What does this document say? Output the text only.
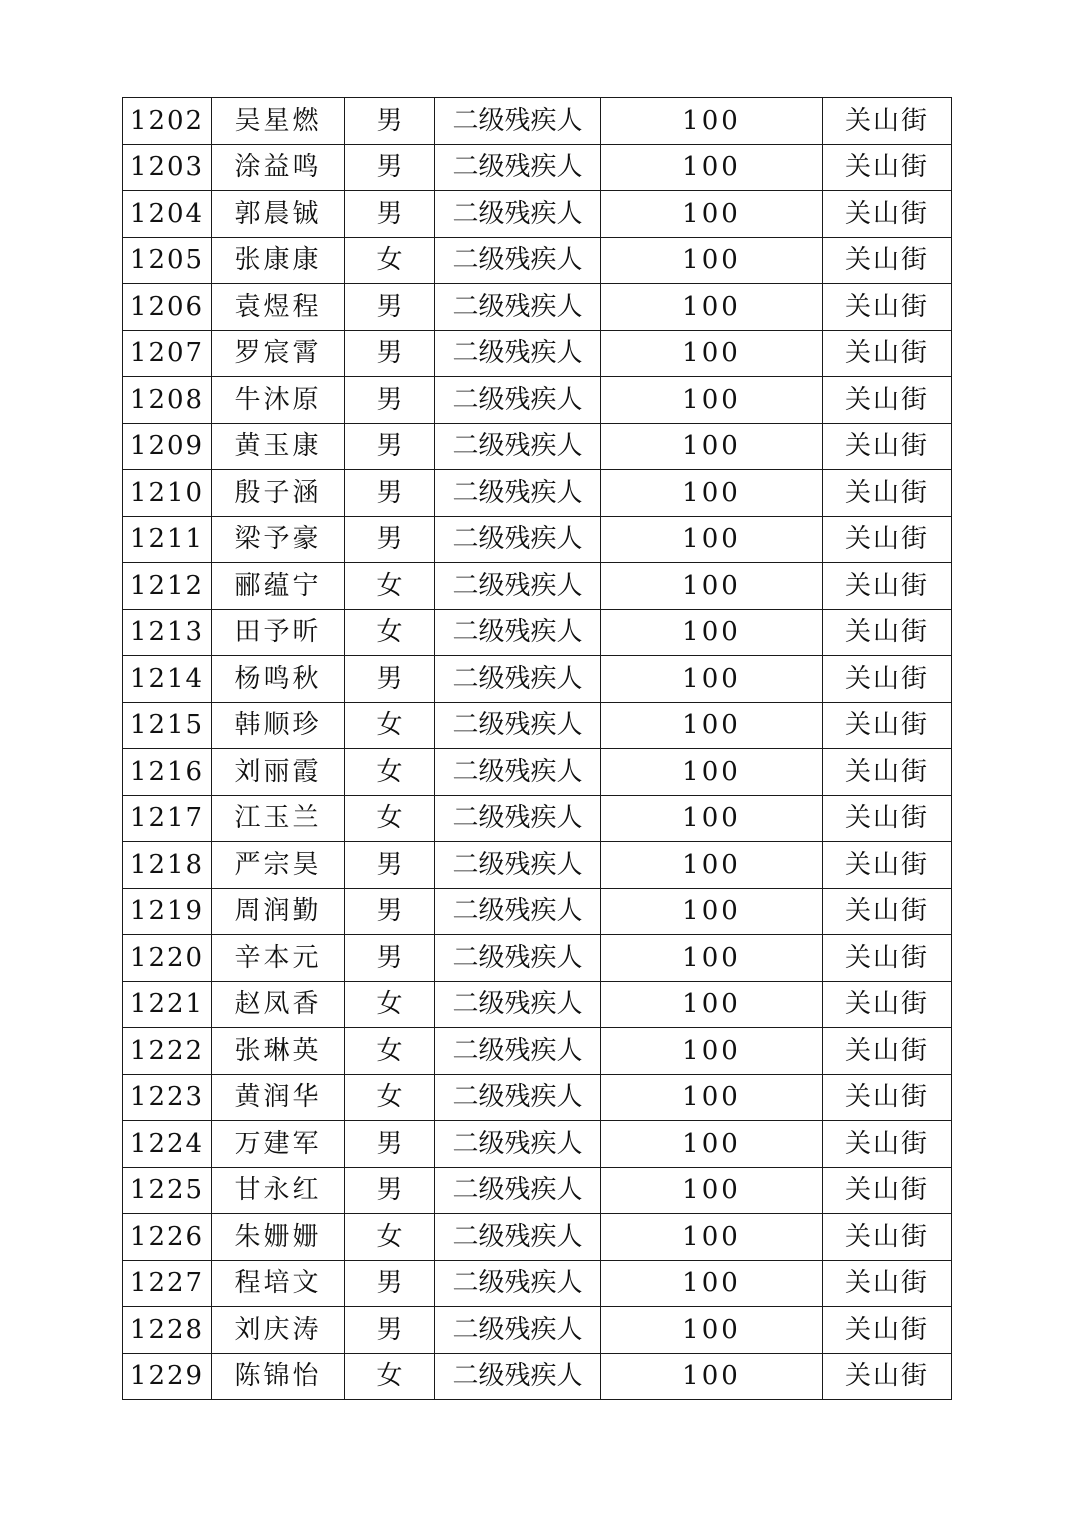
1202	吴星燃	男	二级残疾人	100	关山街
1203	涂益鸣	男	二级残疾人	100	关山街
1204	郭晨铖	男	二级残疾人	100	关山街
1205	张康康	女	二级残疾人	100	关山街
1206	袁煜程	男	二级残疾人	100	关山街
1207	罗宸霄	男	二级残疾人	100	关山街
1208	牛沐原	男	二级残疾人	100	关山街
1209	黄玉康	男	二级残疾人	100	关山街
1210	殷子涵	男	二级残疾人	100	关山街
1211	梁予豪	男	二级残疾人	100	关山街
1212	郦蕴宁	女	二级残疾人	100	关山街
1213	田予昕	女	二级残疾人	100	关山街
1214	杨鸣秋	男	二级残疾人	100	关山街
1215	韩顺珍	女	二级残疾人	100	关山街
1216	刘丽霞	女	二级残疾人	100	关山街
1217	江玉兰	女	二级残疾人	100	关山街
1218	严宗昊	男	二级残疾人	100	关山街
1219	周润勤	男	二级残疾人	100	关山街
1220	辛本元	男	二级残疾人	100	关山街
1221	赵凤香	女	二级残疾人	100	关山街
1222	张琳英	女	二级残疾人	100	关山街
1223	黄润华	女	二级残疾人	100	关山街
1224	万建军	男	二级残疾人	100	关山街
1225	甘永红	男	二级残疾人	100	关山街
1226	朱姗姗	女	二级残疾人	100	关山街
1227	程培文	男	二级残疾人	100	关山街
1228	刘庆涛	男	二级残疾人	100	关山街
1229	陈锦怡	女	二级残疾人	100	关山街
